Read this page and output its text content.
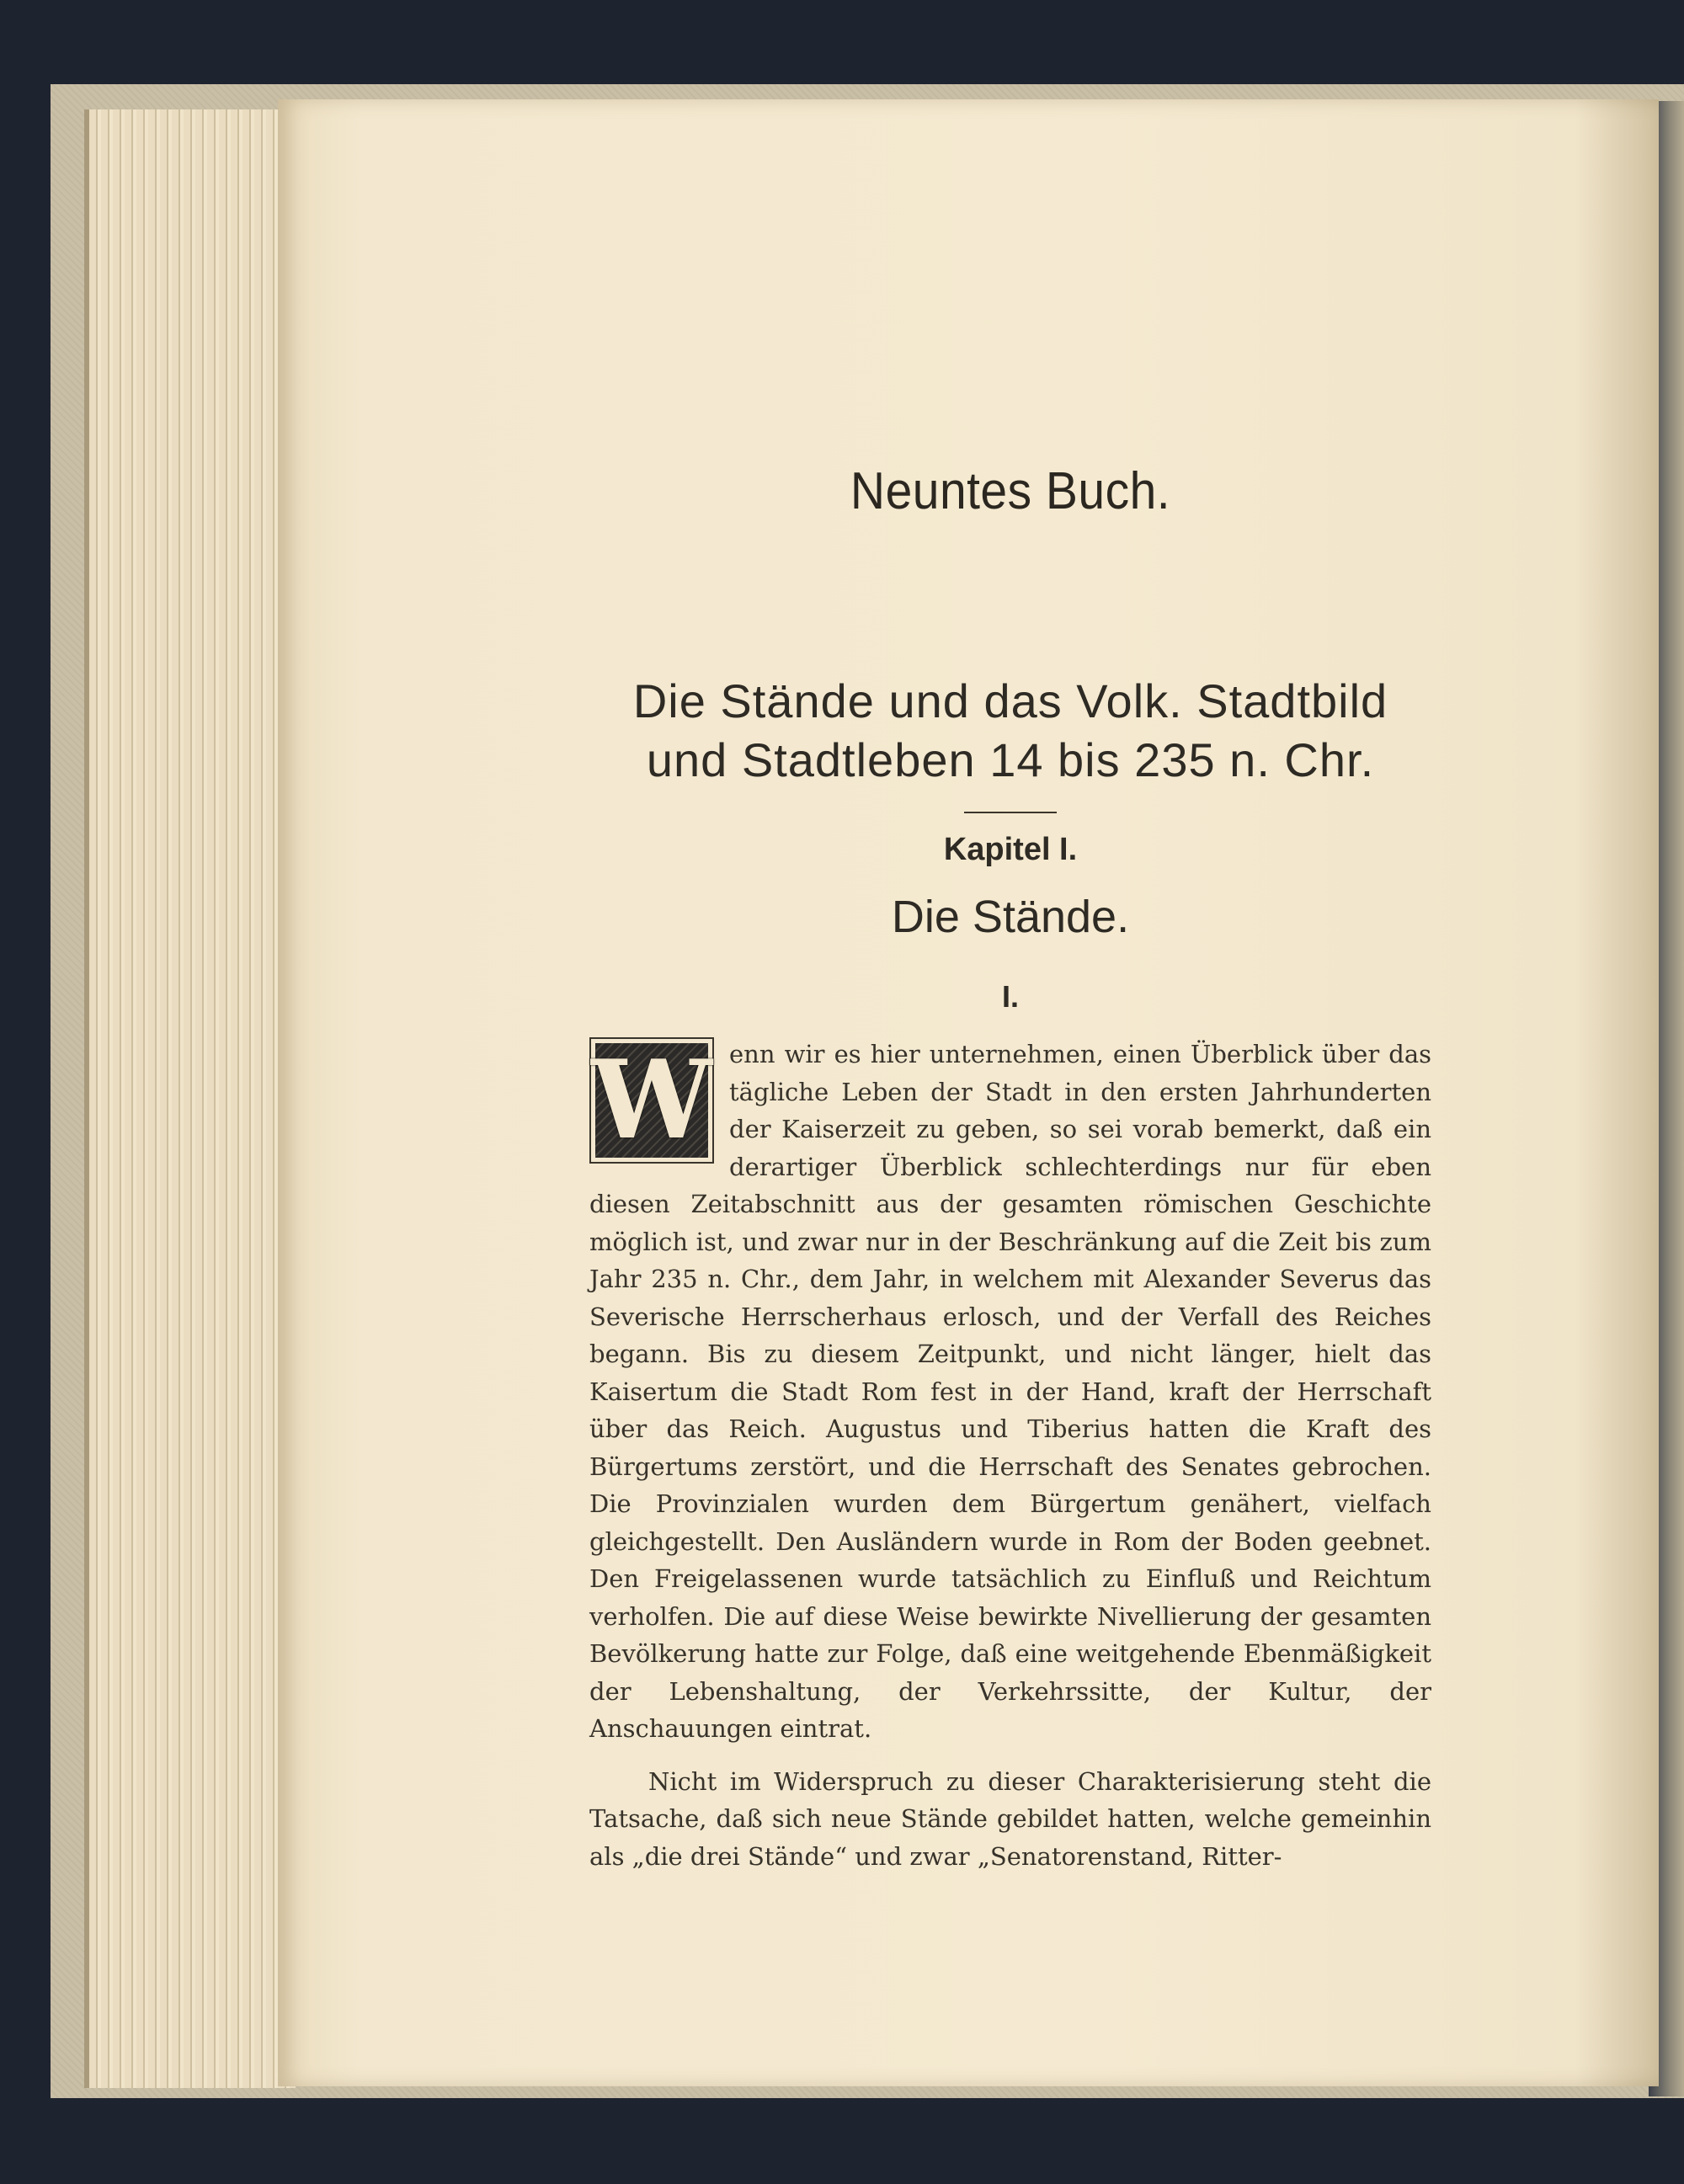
Neuntes Buch.
Die Stände und das Volk. Stadtbild
und Stadtleben 14 bis 235 n. Chr.
Kapitel I.
Die Stände.
I.

W enn wir es hier unternehmen, einen Überblick über das tägliche Leben der Stadt in den ersten Jahrhunderten der Kaiserzeit zu geben, so sei vorab bemerkt, daß ein derartiger Überblick schlechterdings nur für eben diesen Zeitabschnitt aus der gesamten römischen Geschichte möglich ist, und zwar nur in der Beschränkung auf die Zeit bis zum Jahr 235 n. Chr., dem Jahr, in welchem mit Alexander Severus das Severische Herrscherhaus erlosch, und der Verfall des Reiches begann. Bis zu diesem Zeitpunkt, und nicht länger, hielt das Kaisertum die Stadt Rom fest in der Hand, kraft der Herrschaft über das Reich. Augustus und Tiberius hatten die Kraft des Bürgertums zerstört, und die Herrschaft des Senates gebrochen. Die Provinzialen wurden dem Bürgertum genähert, vielfach gleichgestellt. Den Ausländern wurde in Rom der Boden geebnet. Den Freigelassenen wurde tatsächlich zu Einfluß und Reichtum verholfen. Die auf diese Weise bewirkte Nivellierung der gesamten Bevölkerung hatte zur Folge, daß eine weitgehende Ebenmäßigkeit der Lebenshaltung, der Verkehrssitte, der Kultur, der Anschauungen eintrat.

Nicht im Widerspruch zu dieser Charakterisierung steht die Tatsache, daß sich neue Stände gebildet hatten, welche gemeinhin als „die drei Stände“ und zwar „Senatorenstand, Ritter-
